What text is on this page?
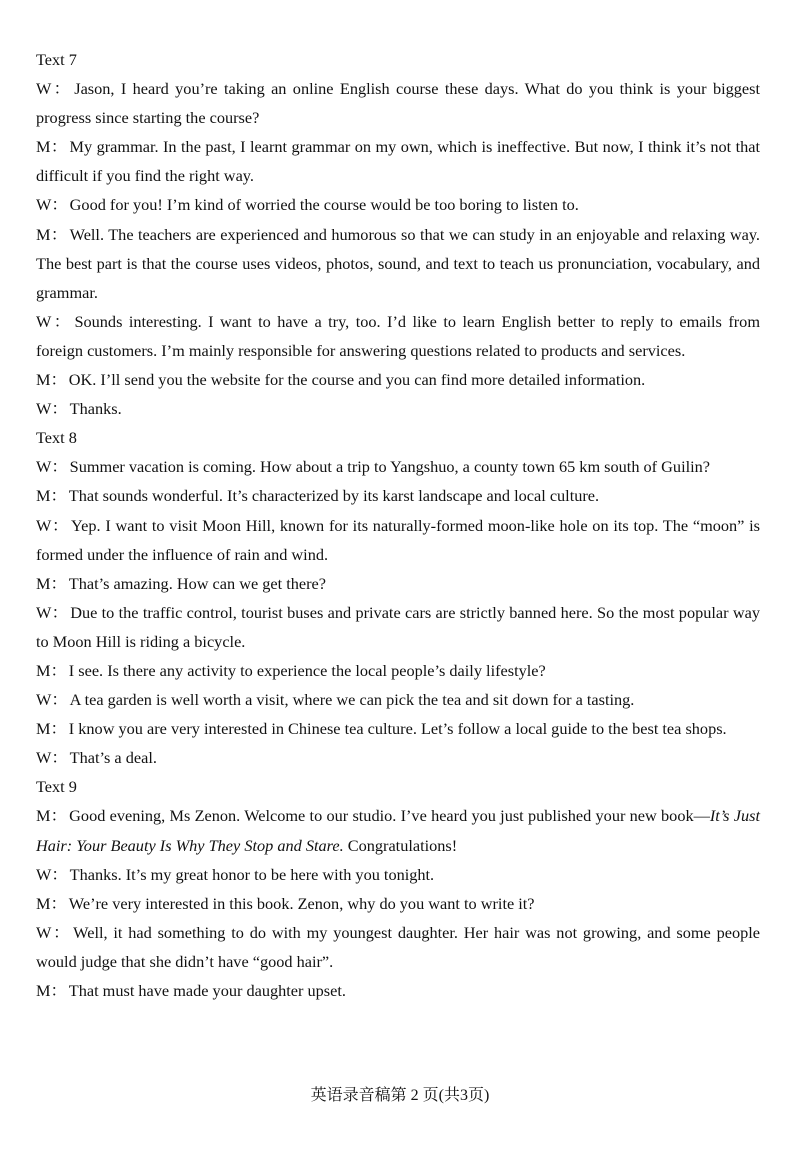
Text 7

W： Jason, I heard you’re taking an online English course these days. What do you think is your biggest progress since starting the course?

M： My grammar. In the past, I learnt grammar on my own, which is ineffective. But now, I think it’s not that difficult if you find the right way.

W： Good for you! I’m kind of worried the course would be too boring to listen to.

M： Well. The teachers are experienced and humorous so that we can study in an enjoyable and relaxing way. The best part is that the course uses videos, photos, sound, and text to teach us pronunciation, vocabulary, and grammar.

W： Sounds interesting. I want to have a try, too. I’d like to learn English better to reply to emails from foreign customers. I’m mainly responsible for answering questions related to products and services.

M： OK. I’ll send you the website for the course and you can find more detailed information.

W： Thanks.

Text 8

W： Summer vacation is coming. How about a trip to Yangshuo, a county town 65 km south of Guilin?

M： That sounds wonderful. It’s characterized by its karst landscape and local culture.

W： Yep. I want to visit Moon Hill, known for its naturally-formed moon-like hole on its top. The “moon” is formed under the influence of rain and wind.

M： That’s amazing. How can we get there?

W： Due to the traffic control, tourist buses and private cars are strictly banned here. So the most popular way to Moon Hill is riding a bicycle.

M： I see. Is there any activity to experience the local people’s daily lifestyle?

W： A tea garden is well worth a visit, where we can pick the tea and sit down for a tasting.

M： I know you are very interested in Chinese tea culture. Let’s follow a local guide to the best tea shops.

W： That’s a deal.

Text 9

M： Good evening, Ms Zenon. Welcome to our studio. I’ve heard you just published your new book—It’s Just Hair: Your Beauty Is Why They Stop and Stare. Congratulations!

W： Thanks. It’s my great honor to be here with you tonight.

M： We’re very interested in this book. Zenon, why do you want to write it?

W： Well, it had something to do with my youngest daughter. Her hair was not growing, and some people would judge that she didn’t have “good hair”.

M： That must have made your daughter upset.

英语录音稿第 2 页(共3页)
